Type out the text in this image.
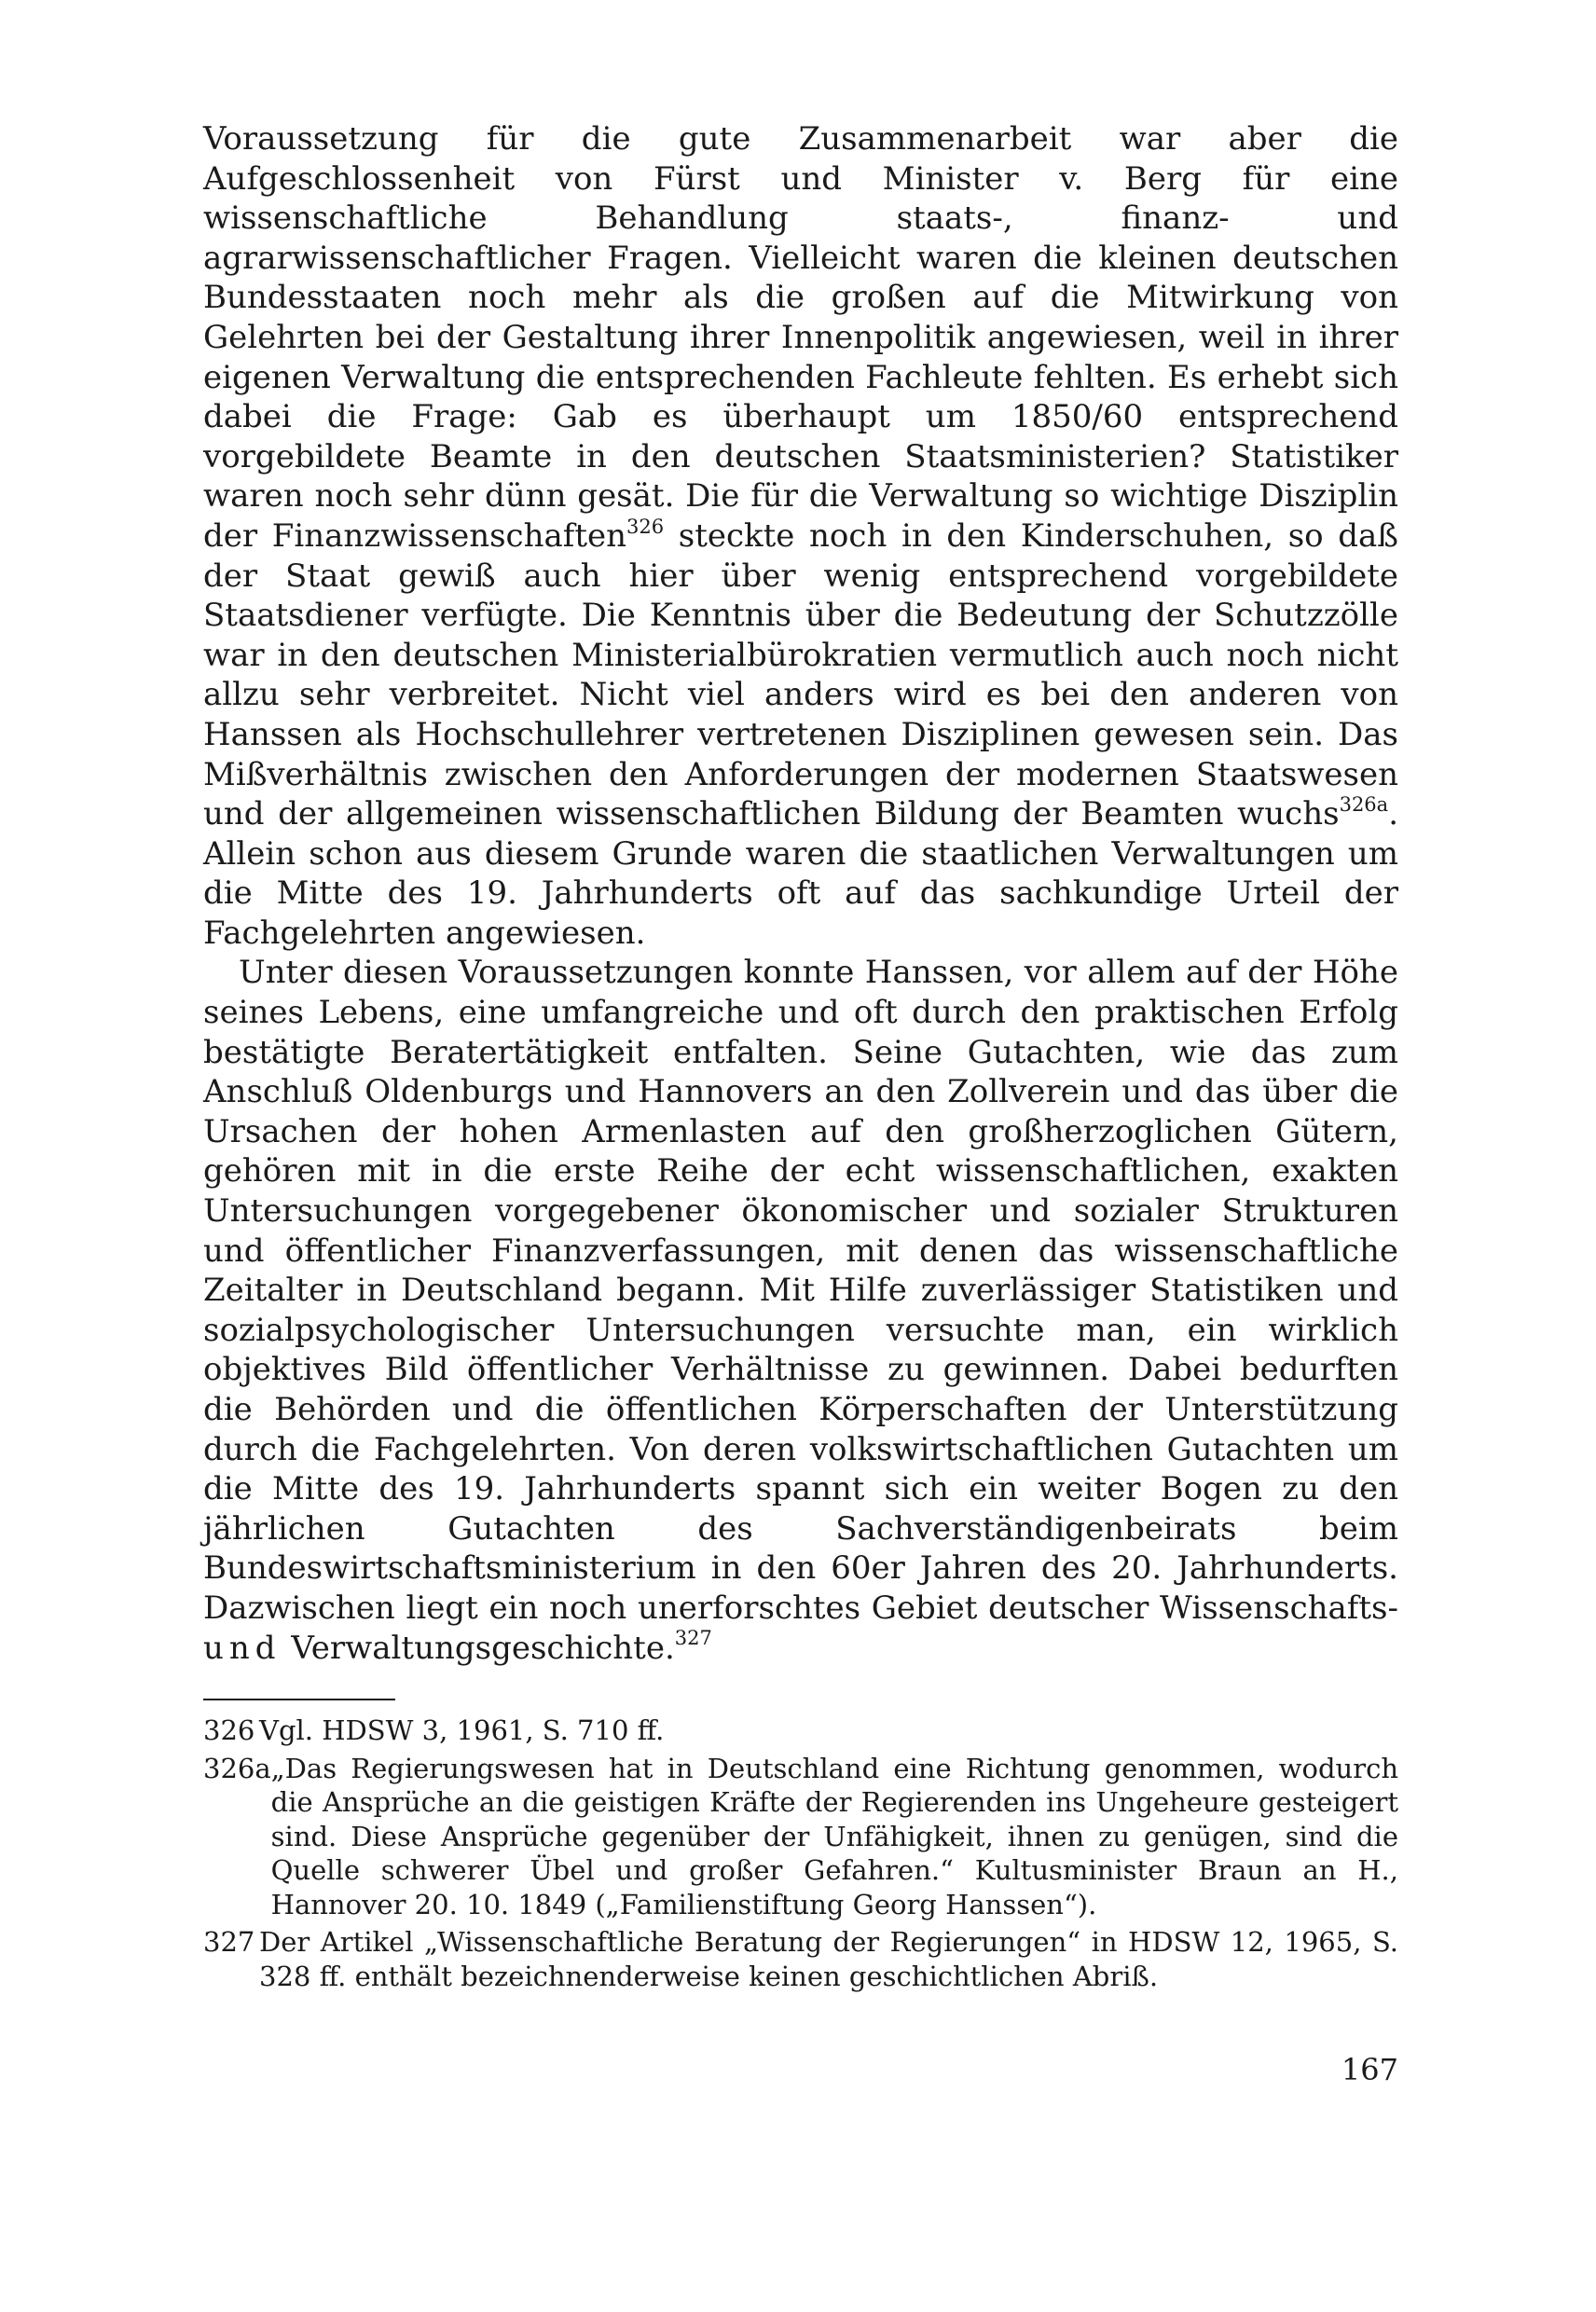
Voraussetzung für die gute Zusammenarbeit war aber die Aufgeschlossenheit von Fürst und Minister v. Berg für eine wissenschaftliche Behandlung staats-, finanz- und agrarwissenschaftlicher Fragen. Vielleicht waren die kleinen deutschen Bundesstaaten noch mehr als die großen auf die Mitwirkung von Gelehrten bei der Gestaltung ihrer Innenpolitik angewiesen, weil in ihrer eigenen Verwaltung die entsprechenden Fachleute fehlten. Es erhebt sich dabei die Frage: Gab es überhaupt um 1850/60 entsprechend vorgebildete Beamte in den deutschen Staatsministerien? Statistiker waren noch sehr dünn gesät. Die für die Verwaltung so wichtige Disziplin der Finanzwissenschaften$^{326}$ steckte noch in den Kinderschuhen, so daß der Staat gewiß auch hier über wenig entsprechend vorgebildete Staatsdiener verfügte. Die Kenntnis über die Bedeutung der Schutzzölle war in den deutschen Ministerialbürokratien vermutlich auch noch nicht allzu sehr verbreitet. Nicht viel anders wird es bei den anderen von Hanssen als Hochschullehrer vertretenen Disziplinen gewesen sein. Das Mißverhältnis zwischen den Anforderungen der modernen Staatswesen und der allgemeinen wissenschaftlichen Bildung der Beamten wuchs$^{326a}$. Allein schon aus diesem Grunde waren die staatlichen Verwaltungen um die Mitte des 19. Jahrhunderts oft auf das sachkundige Urteil der Fachgelehrten angewiesen.

Unter diesen Voraussetzungen konnte Hanssen, vor allem auf der Höhe seines Lebens, eine umfangreiche und oft durch den praktischen Erfolg bestätigte Beratertätigkeit entfalten. Seine Gutachten, wie das zum Anschluß Oldenburgs und Hannovers an den Zollverein und das über die Ursachen der hohen Armenlasten auf den großherzoglichen Gütern, gehören mit in die erste Reihe der echt wissenschaftlichen, exakten Untersuchungen vorgegebener ökonomischer und sozialer Strukturen und öffentlicher Finanzverfassungen, mit denen das wissenschaftliche Zeitalter in Deutschland begann. Mit Hilfe zuverlässiger Statistiken und sozialpsychologischer Untersuchungen versuchte man, ein wirklich objektives Bild öffentlicher Verhältnisse zu gewinnen. Dabei bedurften die Behörden und die öffentlichen Körperschaften der Unterstützung durch die Fachgelehrten. Von deren volkswirtschaftlichen Gutachten um die Mitte des 19. Jahrhunderts spannt sich ein weiter Bogen zu den jährlichen Gutachten des Sachverständigenbeirats beim Bundeswirtschaftsministerium in den 60er Jahren des 20. Jahrhunderts. Dazwischen liegt ein noch unerforschtes Gebiet deutscher Wissenschafts- und Verwaltungsgeschichte.$^{327}$

326 Vgl. HDSW 3, 1961, S. 710 ff.
326a „Das Regierungswesen hat in Deutschland eine Richtung genommen, wodurch die Ansprüche an die geistigen Kräfte der Regierenden ins Ungeheure gesteigert sind. Diese Ansprüche gegenüber der Unfähigkeit, ihnen zu genügen, sind die Quelle schwerer Übel und großer Gefahren.“ Kultusminister Braun an H., Hannover 20. 10. 1849 („Familienstiftung Georg Hanssen“).
327 Der Artikel „Wissenschaftliche Beratung der Regierungen“ in HDSW 12, 1965, S. 328 ff. enthält bezeichnenderweise keinen geschichtlichen Abriß.
167
